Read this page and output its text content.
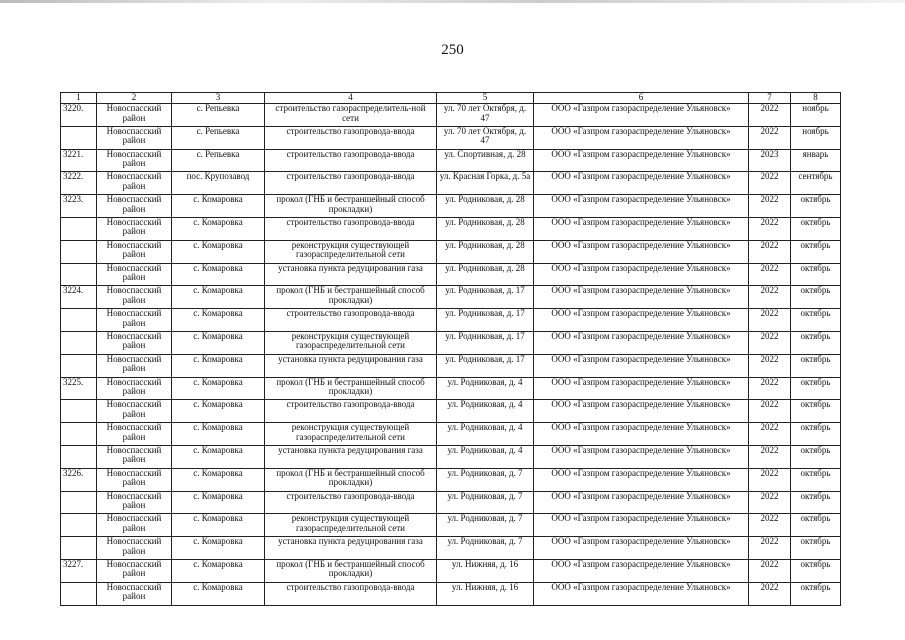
250
1	2	3	4	5	6	7	8
3220.	Новоспасский район	с. Репьевка	строительство газораспределитель-ной сети	ул. 70 лет Октября, д. 47	ООО «Газпром газораспределение Ульяновск»	2022	ноябрь
	Новоспасский район	с. Репьевка	строительство газопровода-ввода	ул. 70 лет Октября, д. 47	ООО «Газпром газораспределение Ульяновск»	2022	ноябрь
3221.	Новоспасский район	с. Репьевка	строительство газопровода-ввода	ул. Спортивная, д. 28	ООО «Газпром газораспределение Ульяновск»	2023	январь
3222.	Новоспасский район	пос. Крупозавод	строительство газопровода-ввода	ул. Красная Горка, д. 5а	ООО «Газпром газораспределение Ульяновск»	2022	сентябрь
3223.	Новоспасский район	с. Комаровка	прокол (ГНБ и бестраншейный способ прокладки)	ул. Родниковая, д. 28	ООО «Газпром газораспределение Ульяновск»	2022	октябрь
	Новоспасский район	с. Комаровка	строительство газопровода-ввода	ул. Родниковая, д. 28	ООО «Газпром газораспределение Ульяновск»	2022	октябрь
	Новоспасский район	с. Комаровка	реконструкция существующей газораспределительной сети	ул. Родниковая, д. 28	ООО «Газпром газораспределение Ульяновск»	2022	октябрь
	Новоспасский район	с. Комаровка	установка пункта редуцирования газа	ул. Родниковая, д. 28	ООО «Газпром газораспределение Ульяновск»	2022	октябрь
3224.	Новоспасский район	с. Комаровка	прокол (ГНБ и бестраншейный способ прокладки)	ул. Родниковая, д. 17	ООО «Газпром газораспределение Ульяновск»	2022	октябрь
	Новоспасский район	с. Комаровка	строительство газопровода-ввода	ул. Родниковая, д. 17	ООО «Газпром газораспределение Ульяновск»	2022	октябрь
	Новоспасский район	с. Комаровка	реконструкция существующей газораспределительной сети	ул. Родниковая, д. 17	ООО «Газпром газораспределение Ульяновск»	2022	октябрь
	Новоспасский район	с. Комаровка	установка пункта редуцирования газа	ул. Родниковая, д. 17	ООО «Газпром газораспределение Ульяновск»	2022	октябрь
3225.	Новоспасский район	с. Комаровка	прокол (ГНБ и бестраншейный способ прокладки)	ул. Родниковая, д. 4	ООО «Газпром газораспределение Ульяновск»	2022	октябрь
	Новоспасский район	с. Комаровка	строительство газопровода-ввода	ул. Родниковая, д. 4	ООО «Газпром газораспределение Ульяновск»	2022	октябрь
	Новоспасский район	с. Комаровка	реконструкция существующей газораспределительной сети	ул. Родниковая, д. 4	ООО «Газпром газораспределение Ульяновск»	2022	октябрь
	Новоспасский район	с. Комаровка	установка пункта редуцирования газа	ул. Родниковая, д. 4	ООО «Газпром газораспределение Ульяновск»	2022	октябрь
3226.	Новоспасский район	с. Комаровка	прокол (ГНБ и бестраншейный способ прокладки)	ул. Родниковая, д. 7	ООО «Газпром газораспределение Ульяновск»	2022	октябрь
	Новоспасский район	с. Комаровка	строительство газопровода-ввода	ул. Родниковая, д. 7	ООО «Газпром газораспределение Ульяновск»	2022	октябрь
	Новоспасский район	с. Комаровка	реконструкция существующей газораспределительной сети	ул. Родниковая, д. 7	ООО «Газпром газораспределение Ульяновск»	2022	октябрь
	Новоспасский район	с. Комаровка	установка пункта редуцирования газа	ул. Родниковая, д. 7	ООО «Газпром газораспределение Ульяновск»	2022	октябрь
3227.	Новоспасский район	с. Комаровка	прокол (ГНБ и бестраншейный способ прокладки)	ул. Нижняя, д. 16	ООО «Газпром газораспределение Ульяновск»	2022	октябрь
	Новоспасский район	с. Комаровка	строительство газопровода-ввода	ул. Нижняя, д. 16	ООО «Газпром газораспределение Ульяновск»	2022	октябрь
